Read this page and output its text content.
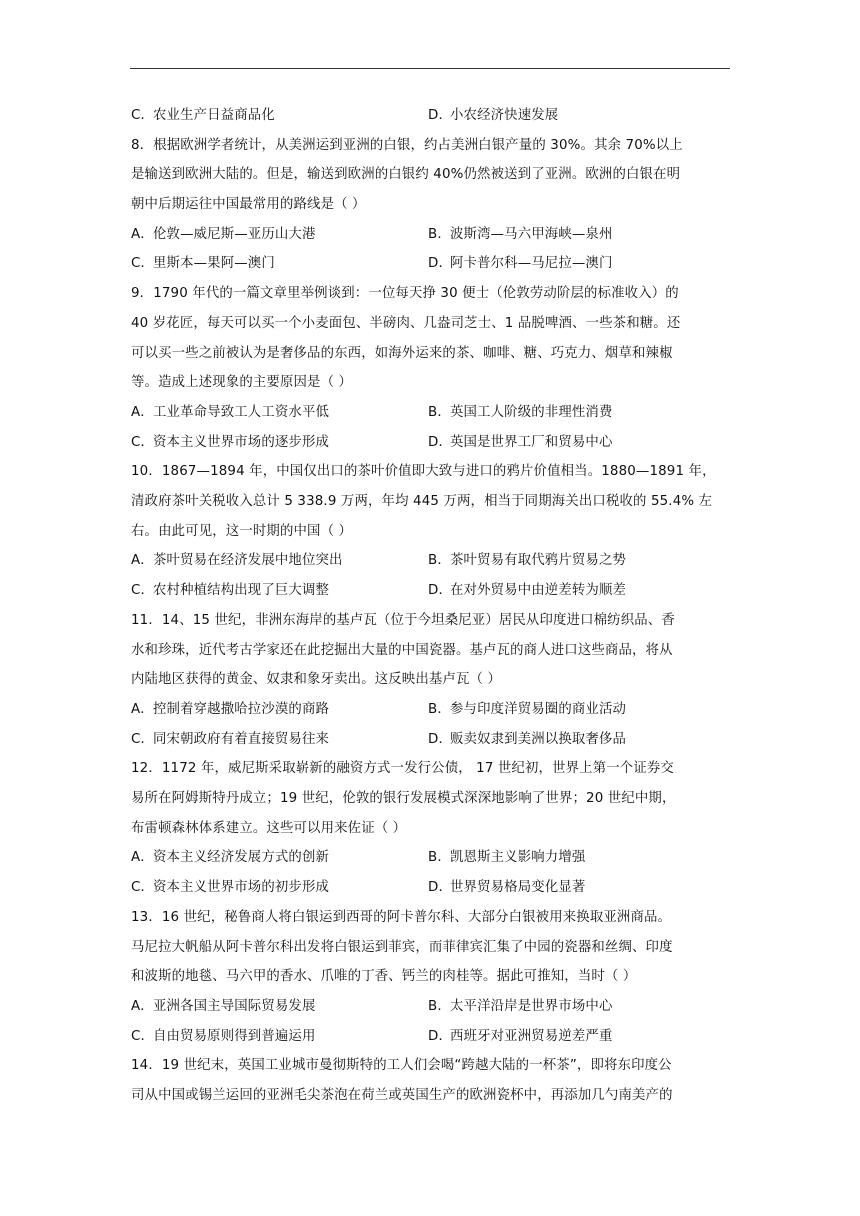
C．农业生产日益商品化	D．小农经济快速发展
8．根据欧洲学者统计，从美洲运到亚洲的白银，约占美洲白银产量的 30%。其余 70%以上
是输送到欧洲大陆的。但是，输送到欧洲的白银约 40%仍然被送到了亚洲。欧洲的白银在明
朝中后期运往中国最常用的路线是（ ）
A．伦敦—威尼斯—亚历山大港	B．波斯湾—马六甲海峡—泉州
C．里斯本—果阿—澳门	D．阿卡普尔科—马尼拉—澳门
9．1790 年代的一篇文章里举例谈到：一位每天挣 30 便士（伦敦劳动阶层的标准收入）的
40 岁花匠，每天可以买一个小麦面包、半磅肉、几盎司芝士、1 品脱啤酒、一些茶和糖。还
可以买一些之前被认为是奢侈品的东西，如海外运来的茶、咖啡、糖、巧克力、烟草和辣椒
等。造成上述现象的主要原因是（ ）
A．工业革命导致工人工资水平低	B．英国工人阶级的非理性消费
C．资本主义世界市场的逐步形成	D．英国是世界工厂和贸易中心
10．1867—1894 年，中国仅出口的茶叶价值即大致与进口的鸦片价值相当。1880—1891 年，
清政府茶叶关税收入总计 5 338.9 万两，年均 445 万两，相当于同期海关出口税收的 55.4% 左
右。由此可见，这一时期的中国（ ）
A．茶叶贸易在经济发展中地位突出	B．茶叶贸易有取代鸦片贸易之势
C．农村种植结构出现了巨大调整	D．在对外贸易中由逆差转为顺差
11．14、15 世纪，非洲东海岸的基卢瓦（位于今坦桑尼亚）居民从印度进口棉纺织品、香
水和珍珠，近代考古学家还在此挖掘出大量的中国瓷器。基卢瓦的商人进口这些商品，将从
内陆地区获得的黄金、奴隶和象牙卖出。这反映出基卢瓦（ ）
A．控制着穿越撒哈拉沙漠的商路	B．参与印度洋贸易圈的商业活动
C．同宋朝政府有着直接贸易往来	D．贩卖奴隶到美洲以换取奢侈品
12．1172 年，威尼斯采取崭新的融资方式一发行公债， 17 世纪初，世界上第一个证券交
易所在阿姆斯特丹成立；19 世纪，伦敦的银行发展模式深深地影响了世界；20 世纪中期，
布雷顿森林体系建立。这些可以用来佐证（ ）
A．资本主义经济发展方式的创新	B．凯恩斯主义影响力增强
C．资本主义世界市场的初步形成	D．世界贸易格局变化显著
13．16 世纪，秘鲁商人将白银运到西哥的阿卡普尔科、大部分白银被用来换取亚洲商品。
马尼拉大帆船从阿卡普尔科出发将白银运到菲宾，而菲律宾汇集了中园的瓷器和丝绸、印度
和波斯的地毯、马六甲的香水、爪唯的丁香、钙兰的肉桂等。据此可推知，当时（ ）
A．亚洲各国主导国际贸易发展	B．太平洋沿岸是世界市场中心
C．自由贸易原则得到普遍运用	D．西班牙对亚洲贸易逆差严重
14．19 世纪末，英国工业城市曼彻斯特的工人们会喝“跨越大陆的一杯茶”，即将东印度公
司从中国或锡兰运回的亚洲毛尖茶泡在荷兰或英国生产的欧洲瓷杯中，再添加几勺南美产的
